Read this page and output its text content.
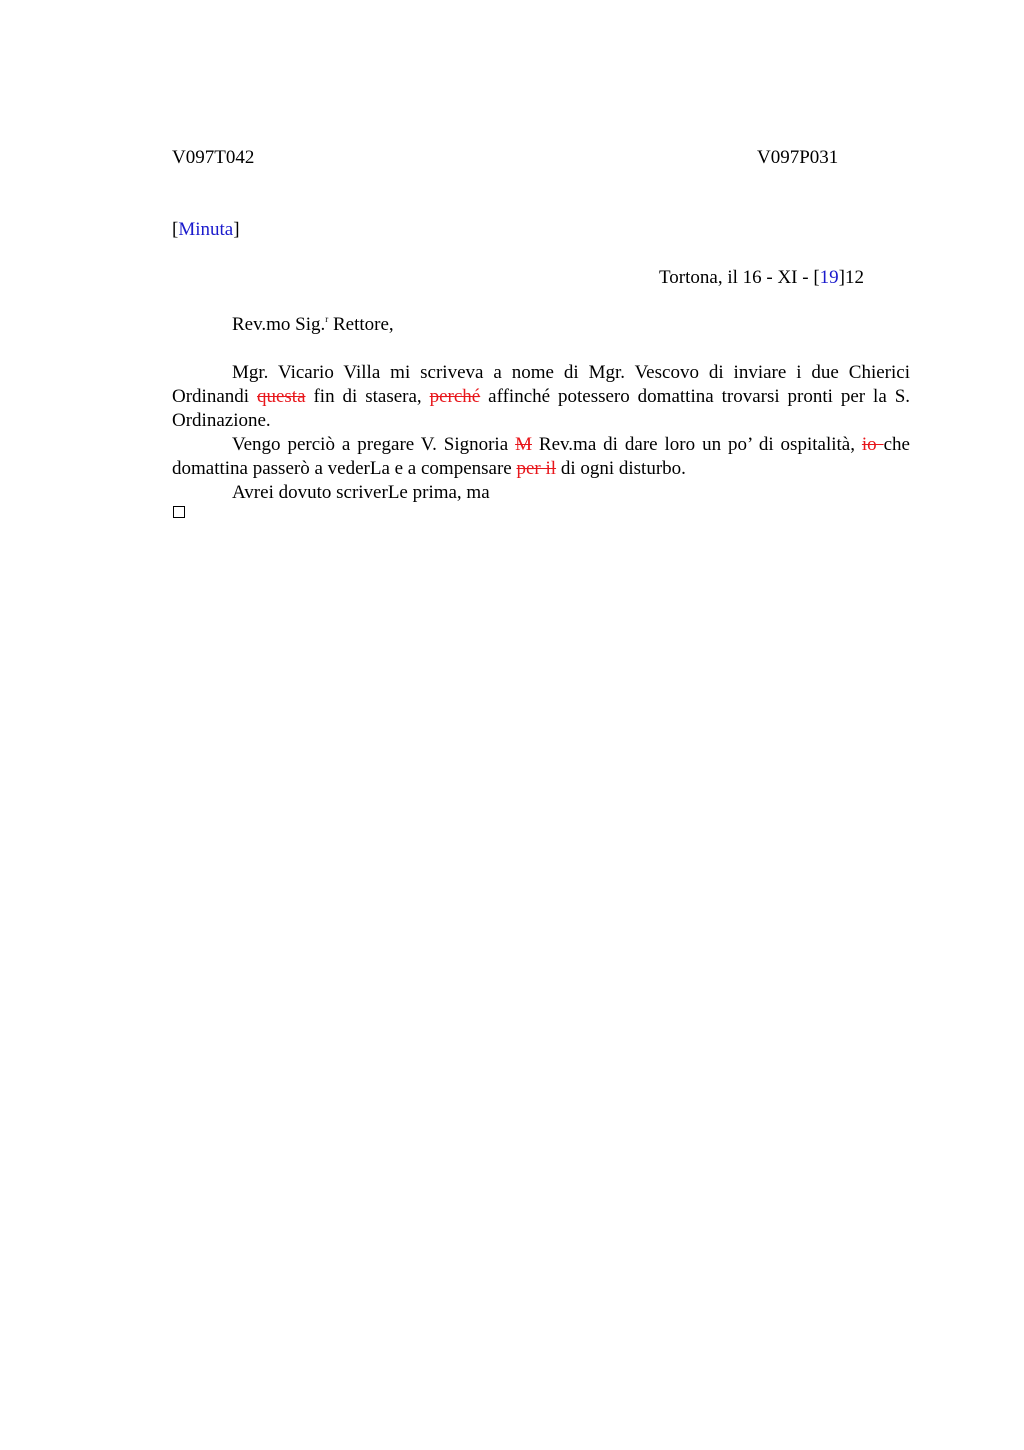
V097T042	V097P031
[Minuta]
Tortona, il 16 - XI - [19]12
Rev.mo Sig.$^r$ Rettore,

Mgr. Vicario Villa mi scriveva a nome di Mgr. Vescovo di inviare i due Chierici Ordinandi questa fin di stasera, perché affinché potessero domattina trovarsi pronti per la S. Ordinazione.

Vengo perciò a pregare V. Signoria M Rev.ma di dare loro un po’ di ospitalità, io che domattina passerò a vederLa e a compensare per il di ogni disturbo.

Avrei dovuto scriverLe prima, ma
